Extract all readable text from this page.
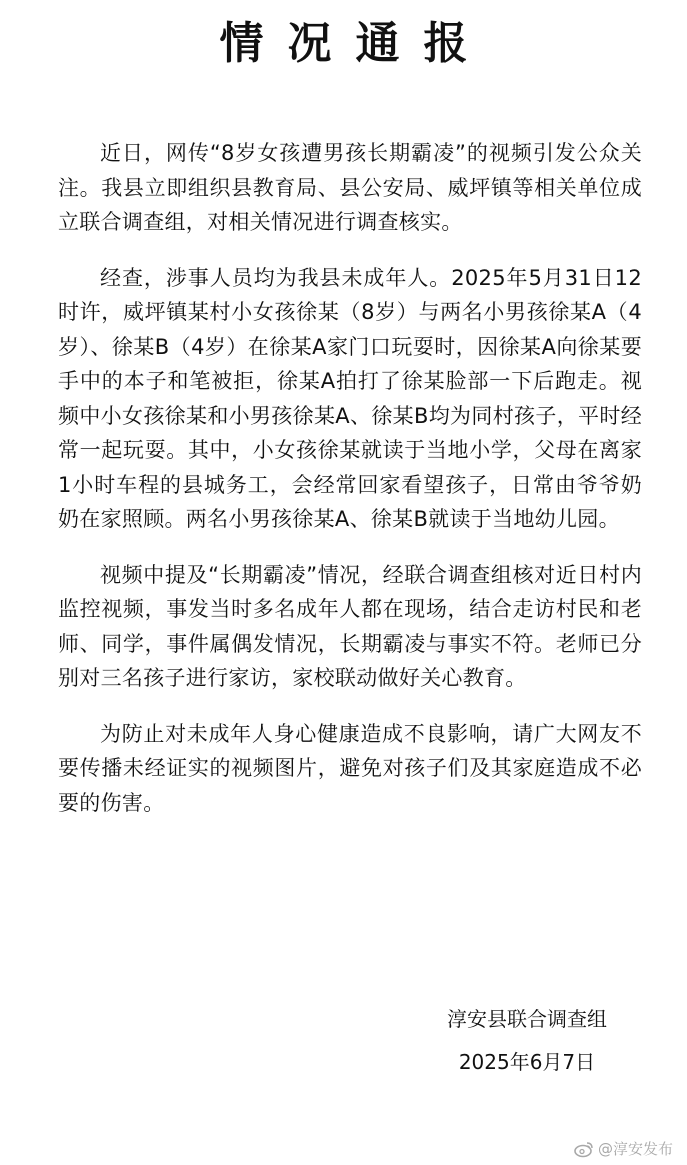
情况通报

近日，网传“8岁女孩遭男孩长期霸凌”的视频引发公众关注。我县立即组织县教育局、县公安局、威坪镇等相关单位成立联合调查组，对相关情况进行调查核实。

经查，涉事人员均为我县未成年人。2025年5月31日12时许，威坪镇某村小女孩徐某（8岁）与两名小男孩徐某A（4岁）、徐某B（4岁）在徐某A家门口玩耍时，因徐某A向徐某要手中的本子和笔被拒，徐某A拍打了徐某脸部一下后跑走。视频中小女孩徐某和小男孩徐某A、徐某B均为同村孩子，平时经常一起玩耍。其中，小女孩徐某就读于当地小学，父母在离家1小时车程的县城务工，会经常回家看望孩子，日常由爷爷奶奶在家照顾。两名小男孩徐某A、徐某B就读于当地幼儿园。

视频中提及“长期霸凌”情况，经联合调查组核对近日村内监控视频，事发当时多名成年人都在现场，结合走访村民和老师、同学，事件属偶发情况，长期霸凌与事实不符。老师已分别对三名孩子进行家访，家校联动做好关心教育。

为防止对未成年人身心健康造成不良影响，请广大网友不要传播未经证实的视频图片，避免对孩子们及其家庭造成不必要的伤害。

淳安县联合调查组
2025年6月7日
@淳安发布
